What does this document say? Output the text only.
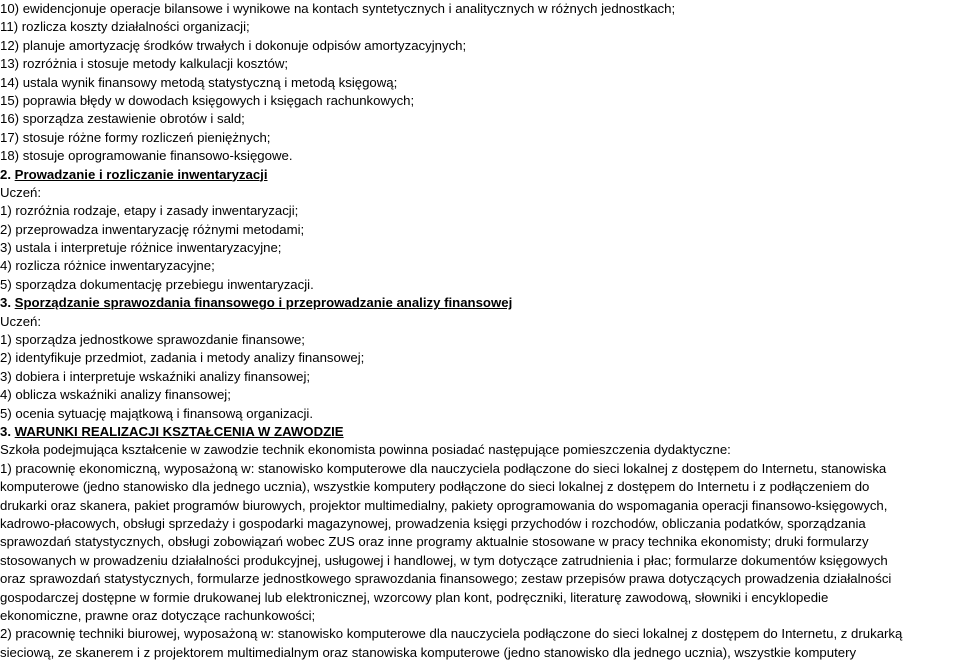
10) ewidencjonuje operacje bilansowe i wynikowe na kontach syntetycznych i analitycznych w różnych jednostkach;
11) rozlicza koszty działalności organizacji;
12) planuje amortyzację środków trwałych i dokonuje odpisów amortyzacyjnych;
13) rozróżnia i stosuje metody kalkulacji kosztów;
14) ustala wynik finansowy metodą statystyczną i metodą księgową;
15) poprawia błędy w dowodach księgowych i księgach rachunkowych;
16) sporządza zestawienie obrotów i sald;
17) stosuje różne formy rozliczeń pieniężnych;
18) stosuje oprogramowanie finansowo-księgowe.
2. Prowadzanie i rozliczanie inwentaryzacji
Uczeń:
1) rozróżnia rodzaje, etapy i zasady inwentaryzacji;
2) przeprowadza inwentaryzację różnymi metodami;
3) ustala i interpretuje różnice inwentaryzacyjne;
4) rozlicza różnice inwentaryzacyjne;
5) sporządza dokumentację przebiegu inwentaryzacji.
3. Sporządzanie sprawozdania finansowego i przeprowadzanie analizy finansowej
Uczeń:
1) sporządza jednostkowe sprawozdanie finansowe;
2) identyfikuje przedmiot, zadania i metody analizy finansowej;
3) dobiera i interpretuje wskaźniki analizy finansowej;
4) oblicza wskaźniki analizy finansowej;
5) ocenia sytuację majątkową i finansową organizacji.
3. WARUNKI REALIZACJI KSZTAŁCENIA W ZAWODZIE
Szkoła podejmująca kształcenie w zawodzie technik ekonomista powinna posiadać następujące pomieszczenia dydaktyczne:
1) pracownię ekonomiczną, wyposażoną w: stanowisko komputerowe dla nauczyciela podłączone do sieci lokalnej z dostępem do Internetu, stanowiska
komputerowe (jedno stanowisko dla jednego ucznia), wszystkie komputery podłączone do sieci lokalnej z dostępem do Internetu i z podłączeniem do
drukarki oraz skanera, pakiet programów biurowych, projektor multimedialny, pakiety oprogramowania do wspomagania operacji finansowo-księgowych,
kadrowo-płacowych, obsługi sprzedaży i gospodarki magazynowej, prowadzenia księgi przychodów i rozchodów, obliczania podatków, sporządzania
sprawozdań statystycznych, obsługi zobowiązań wobec ZUS oraz inne programy aktualnie stosowane w pracy technika ekonomisty; druki formularzy
stosowanych w prowadzeniu działalności produkcyjnej, usługowej i handlowej, w tym dotyczące zatrudnienia i płac; formularze dokumentów księgowych
oraz sprawozdań statystycznych, formularze jednostkowego sprawozdania finansowego; zestaw przepisów prawa dotyczących prowadzenia działalności
gospodarczej dostępne w formie drukowanej lub elektronicznej, wzorcowy plan kont, podręczniki, literaturę zawodową, słowniki i encyklopedie
ekonomiczne, prawne oraz dotyczące rachunkowości;
2) pracownię techniki biurowej, wyposażoną w: stanowisko komputerowe dla nauczyciela podłączone do sieci lokalnej z dostępem do Internetu, z drukarką
sieciową, ze skanerem i z projektorem multimedialnym oraz stanowiska komputerowe (jedno stanowisko dla jednego ucznia), wszystkie komputery
